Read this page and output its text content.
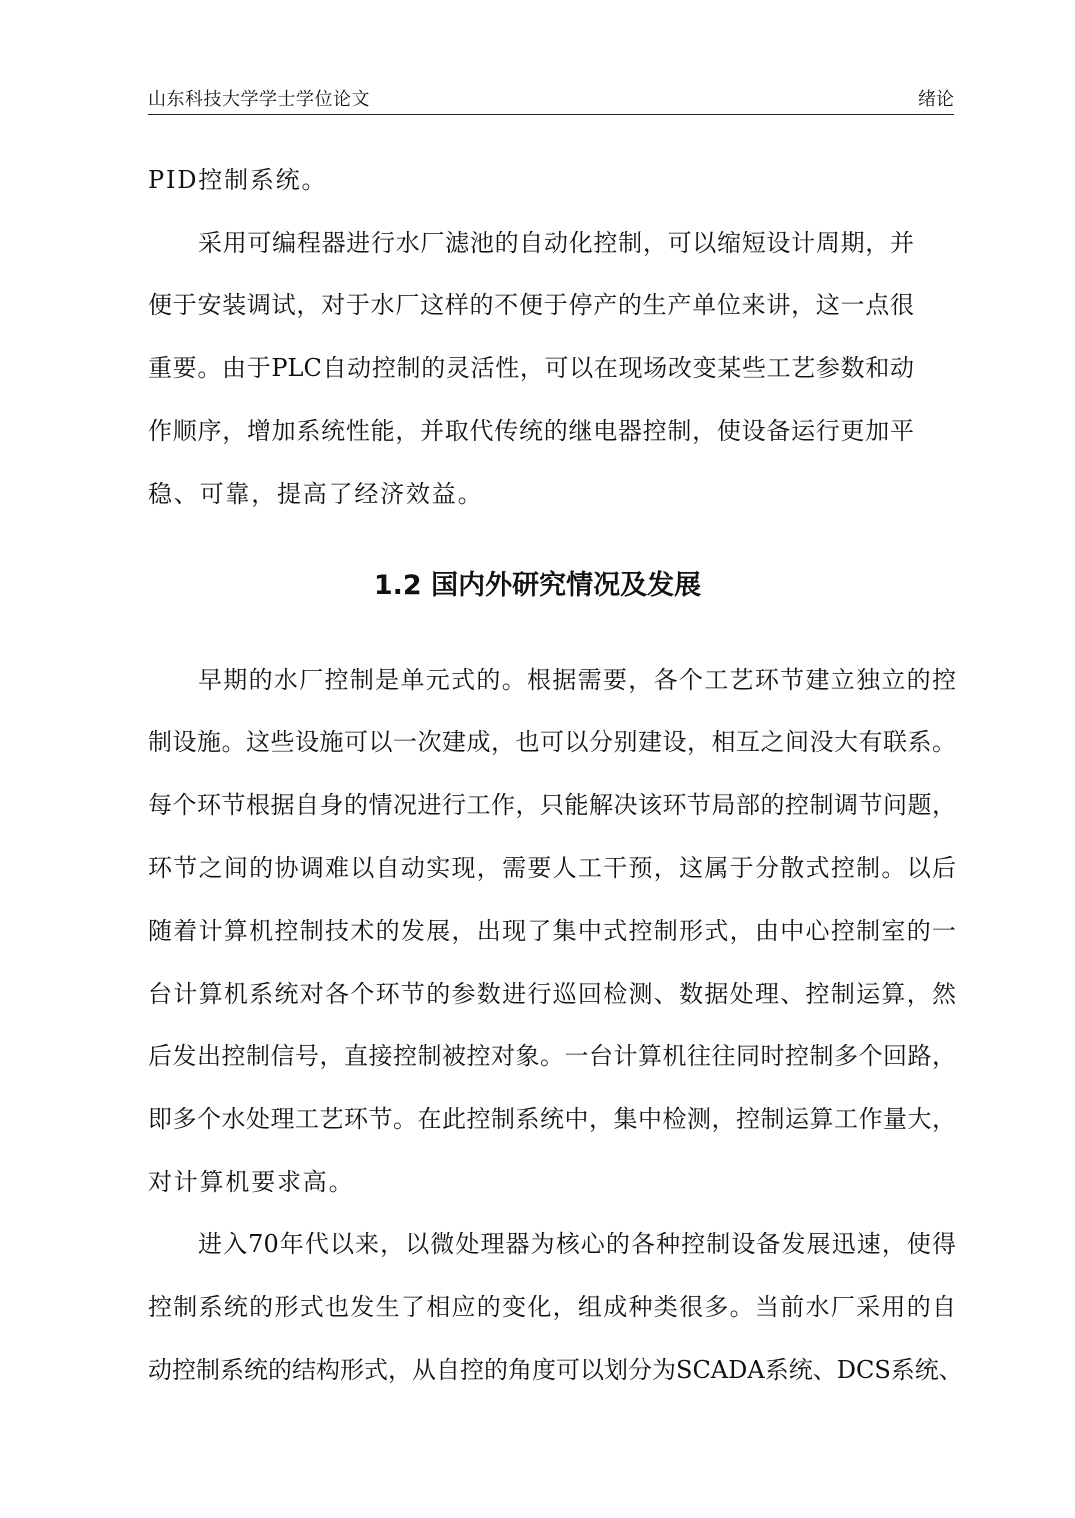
山东科技大学学士学位论文	绪论
PID控制系统。
采用可编程器进行水厂滤池的自动化控制，可以缩短设计周期，并
便于安装调试，对于水厂这样的不便于停产的生产单位来讲，这一点很
重要。由于PLC自动控制的灵活性，可以在现场改变某些工艺参数和动
作顺序，增加系统性能，并取代传统的继电器控制，使设备运行更加平
稳、可靠，提高了经济效益。
1.2 国内外研究情况及发展
早期的水厂控制是单元式的。根据需要，各个工艺环节建立独立的控
制设施。这些设施可以一次建成，也可以分别建设，相互之间没大有联系。
每个环节根据自身的情况进行工作，只能解决该环节局部的控制调节问题，
环节之间的协调难以自动实现，需要人工干预，这属于分散式控制。以后
随着计算机控制技术的发展，出现了集中式控制形式，由中心控制室的一
台计算机系统对各个环节的参数进行巡回检测、数据处理、控制运算，然
后发出控制信号，直接控制被控对象。一台计算机往往同时控制多个回路，
即多个水处理工艺环节。在此控制系统中，集中检测，控制运算工作量大，
对计算机要求高。
进入70年代以来，以微处理器为核心的各种控制设备发展迅速，使得
控制系统的形式也发生了相应的变化，组成种类很多。当前水厂采用的自
动控制系统的结构形式，从自控的角度可以划分为SCADA系统、DCS系统、
